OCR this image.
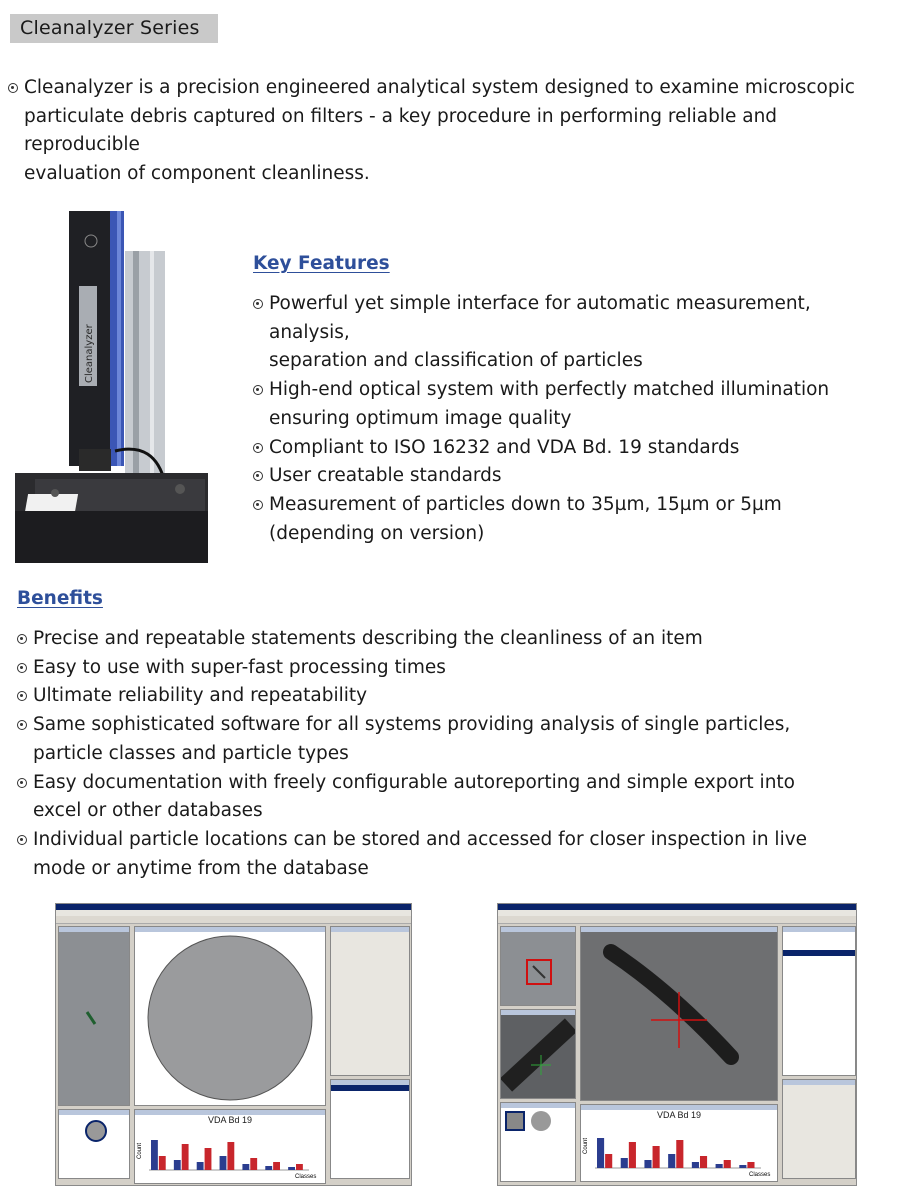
Cleanalyzer Series
Cleanalyzer is a precision engineered analytical system designed to examine microscopic
particulate debris captured on filters - a key procedure in performing reliable and reproducible
evaluation of component cleanliness.
Cleanalyzer
Key Features
Powerful yet simple interface for automatic measurement, analysis,
separation and classification of particles
High-end optical system with perfectly matched illumination
ensuring optimum image quality
Compliant to ISO 16232 and VDA Bd. 19 standards
User creatable standards
Measurement of particles down to 35µm, 15µm or 5µm
(depending on version)
Benefits
Precise and repeatable statements describing the cleanliness of an item
Easy to use with super-fast processing times
Ultimate reliability and repeatability
Same sophisticated software for all systems providing analysis of single particles,
particle classes and particle types
Easy documentation with freely configurable autoreporting and simple export into
excel or other databases
Individual particle locations can be stored and accessed for closer inspection in live
mode or anytime from the database
VDA Bd 19
Count
Classes
VDA Bd 19
Count
Classes
